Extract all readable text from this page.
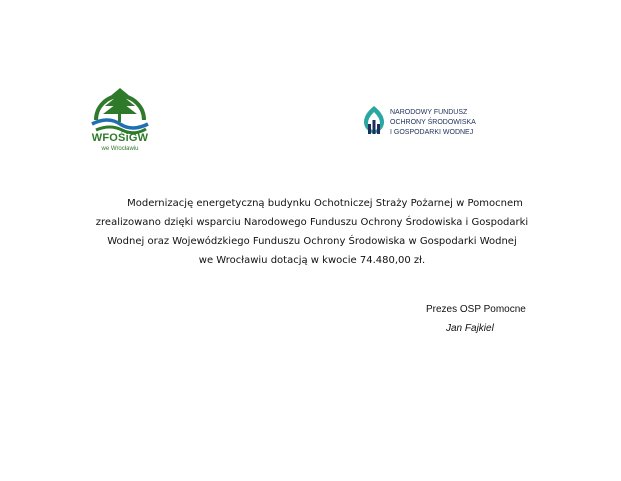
WFOŚiGW
we Wrocławiu
NARODOWY FUNDUSZ
OCHRONY ŚRODOWISKA
I GOSPODARKI WODNEJ
Modernizację energetyczną budynku Ochotniczej Straży Pożarnej w Pomocnem
zrealizowano dzięki wsparciu Narodowego Funduszu Ochrony Środowiska i Gospodarki
Wodnej oraz Wojewódzkiego Funduszu Ochrony Środowiska w Gospodarki Wodnej
we Wrocławiu dotacją w kwocie 74.480,00 zł.
Prezes OSP Pomocne
Jan Fajkiel
